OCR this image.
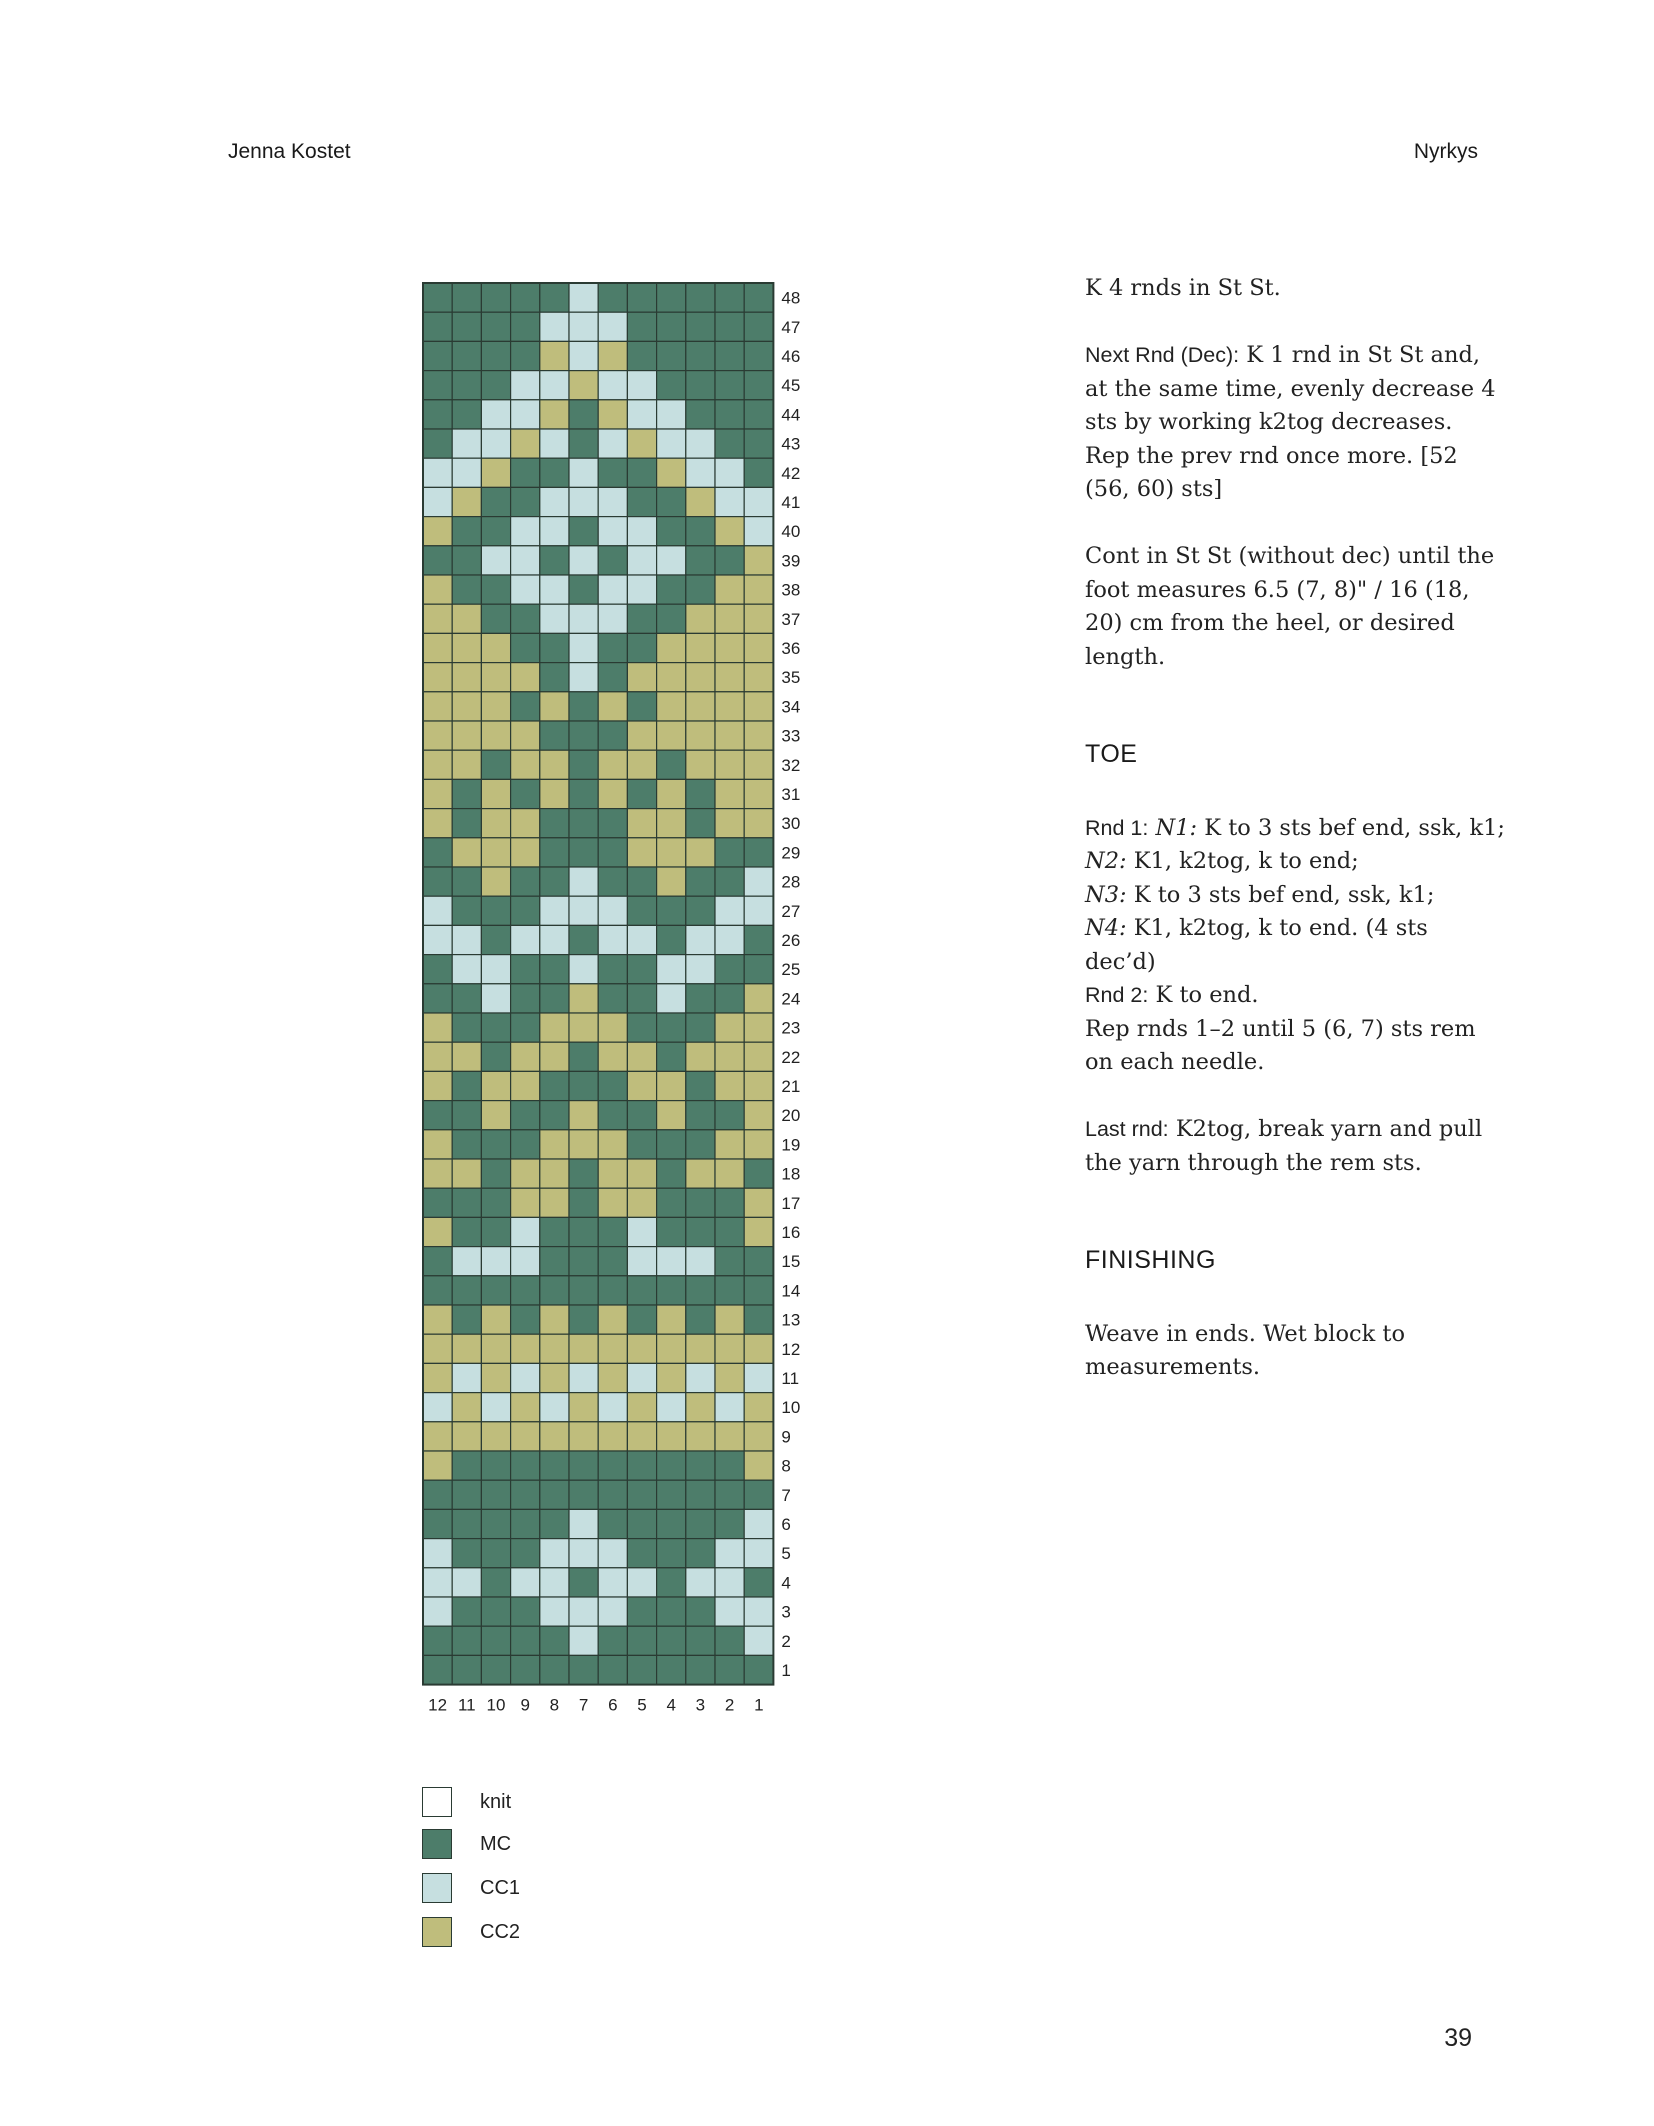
Jenna Kostet	Nyrkys
48
47
46
45
44
43
42
41
40
39
38
37
36
35
34
33
32
31
30
29
28
27
26
25
24
23
22
21
20
19
18
17
16
15
14
13
12
11
10
9
8
7
6
5
4
3
2
1
12 11 10 9 8 7 6 5 4 3 2 1
knit
MC
CC1
CC2

K 4 rnds in St St.

Next Rnd (Dec): K 1 rnd in St St and, at the same time, evenly decrease 4 sts by working k2tog decreases.
Rep the prev rnd once more. [52 (56, 60) sts]

Cont in St St (without dec) until the foot measures 6.5 (7, 8)" / 16 (18, 20) cm from the heel, or desired length.

TOE

Rnd 1: N1: K to 3 sts bef end, ssk, k1;
N2: K1, k2tog, k to end;
N3: K to 3 sts bef end, ssk, k1;
N4: K1, k2tog, k to end. (4 sts dec’d)
Rnd 2: K to end.
Rep rnds 1–2 until 5 (6, 7) sts rem on each needle.

Last rnd: K2tog, break yarn and pull the yarn through the rem sts.

FINISHING

Weave in ends. Wet block to measurements.

39
